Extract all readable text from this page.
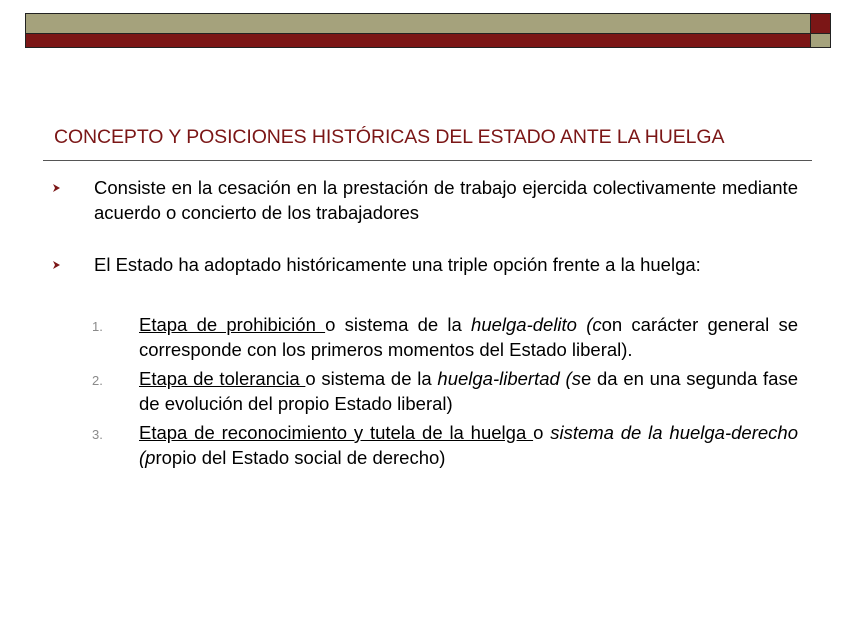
CONCEPTO Y POSICIONES HISTÓRICAS DEL ESTADO ANTE LA HUELGA
Consiste en la cesación en la prestación de trabajo ejercida colectivamente mediante acuerdo o concierto de los trabajadores
El Estado ha adoptado históricamente una triple opción frente a la huelga:
1. Etapa de prohibición o sistema de la huelga-delito (con carácter general se corresponde con los primeros momentos del Estado liberal).
2. Etapa de tolerancia o sistema de la huelga-libertad (se da en una segunda fase de evolución del propio Estado liberal)
3. Etapa de reconocimiento y tutela de la huelga o sistema de la huelga-derecho (propio del Estado social de derecho)
